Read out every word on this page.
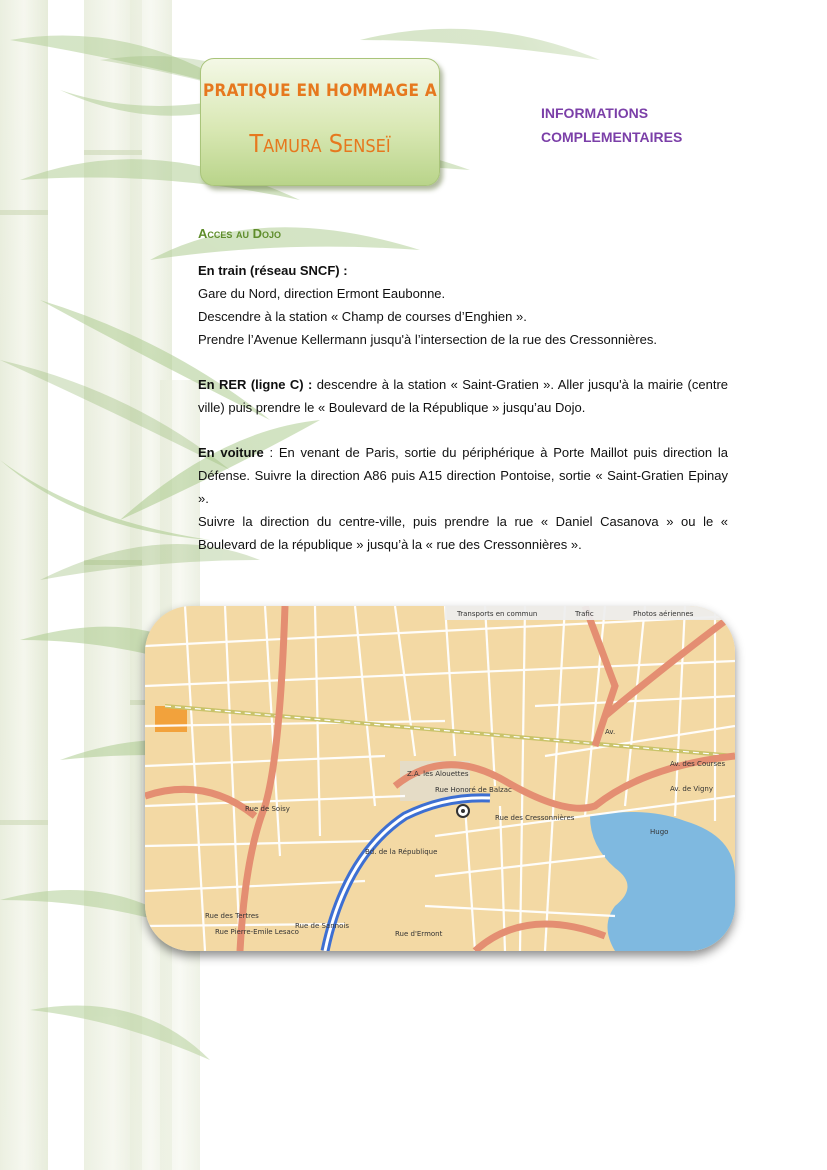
PRATIQUE EN HOMMAGE A
Tamura Senseï
INFORMATIONS
COMPLEMENTAIRES
Acces au Dojo

En train (réseau SNCF) :

Gare du Nord, direction Ermont Eaubonne.

Descendre à la station « Champ de courses d’Enghien ».

Prendre l’Avenue Kellermann jusqu'à l’intersection de la rue des Cressonnières.

En RER (ligne C) : descendre à la station « Saint-Gratien ». Aller jusqu'à la mairie (centre ville) puis prendre le « Boulevard de la République » jusqu’au Dojo.

En voiture : En venant de Paris, sortie du périphérique à Porte Maillot puis direction la Défense. Suivre la direction A86 puis A15 direction Pontoise, sortie « Saint-Gratien Epinay ».

Suivre la direction du centre-ville, puis prendre la rue « Daniel Casanova » ou le « Boulevard de la république » jusqu’à la « rue des Cressonnières ».

Transports en commun	Trafic	Photos aériennes
Z.A. les Alouettes
Rue Honoré de Balzac
Rue des Cressonnières
Av. des Courses
Av. de Vigny
Rue des Tertres
Rue Pierre-Emile Lesaco	Rue d'Ermont
Bd. de la République
Hugo
Rue de Sannois
Rue de Soisy
Av.
